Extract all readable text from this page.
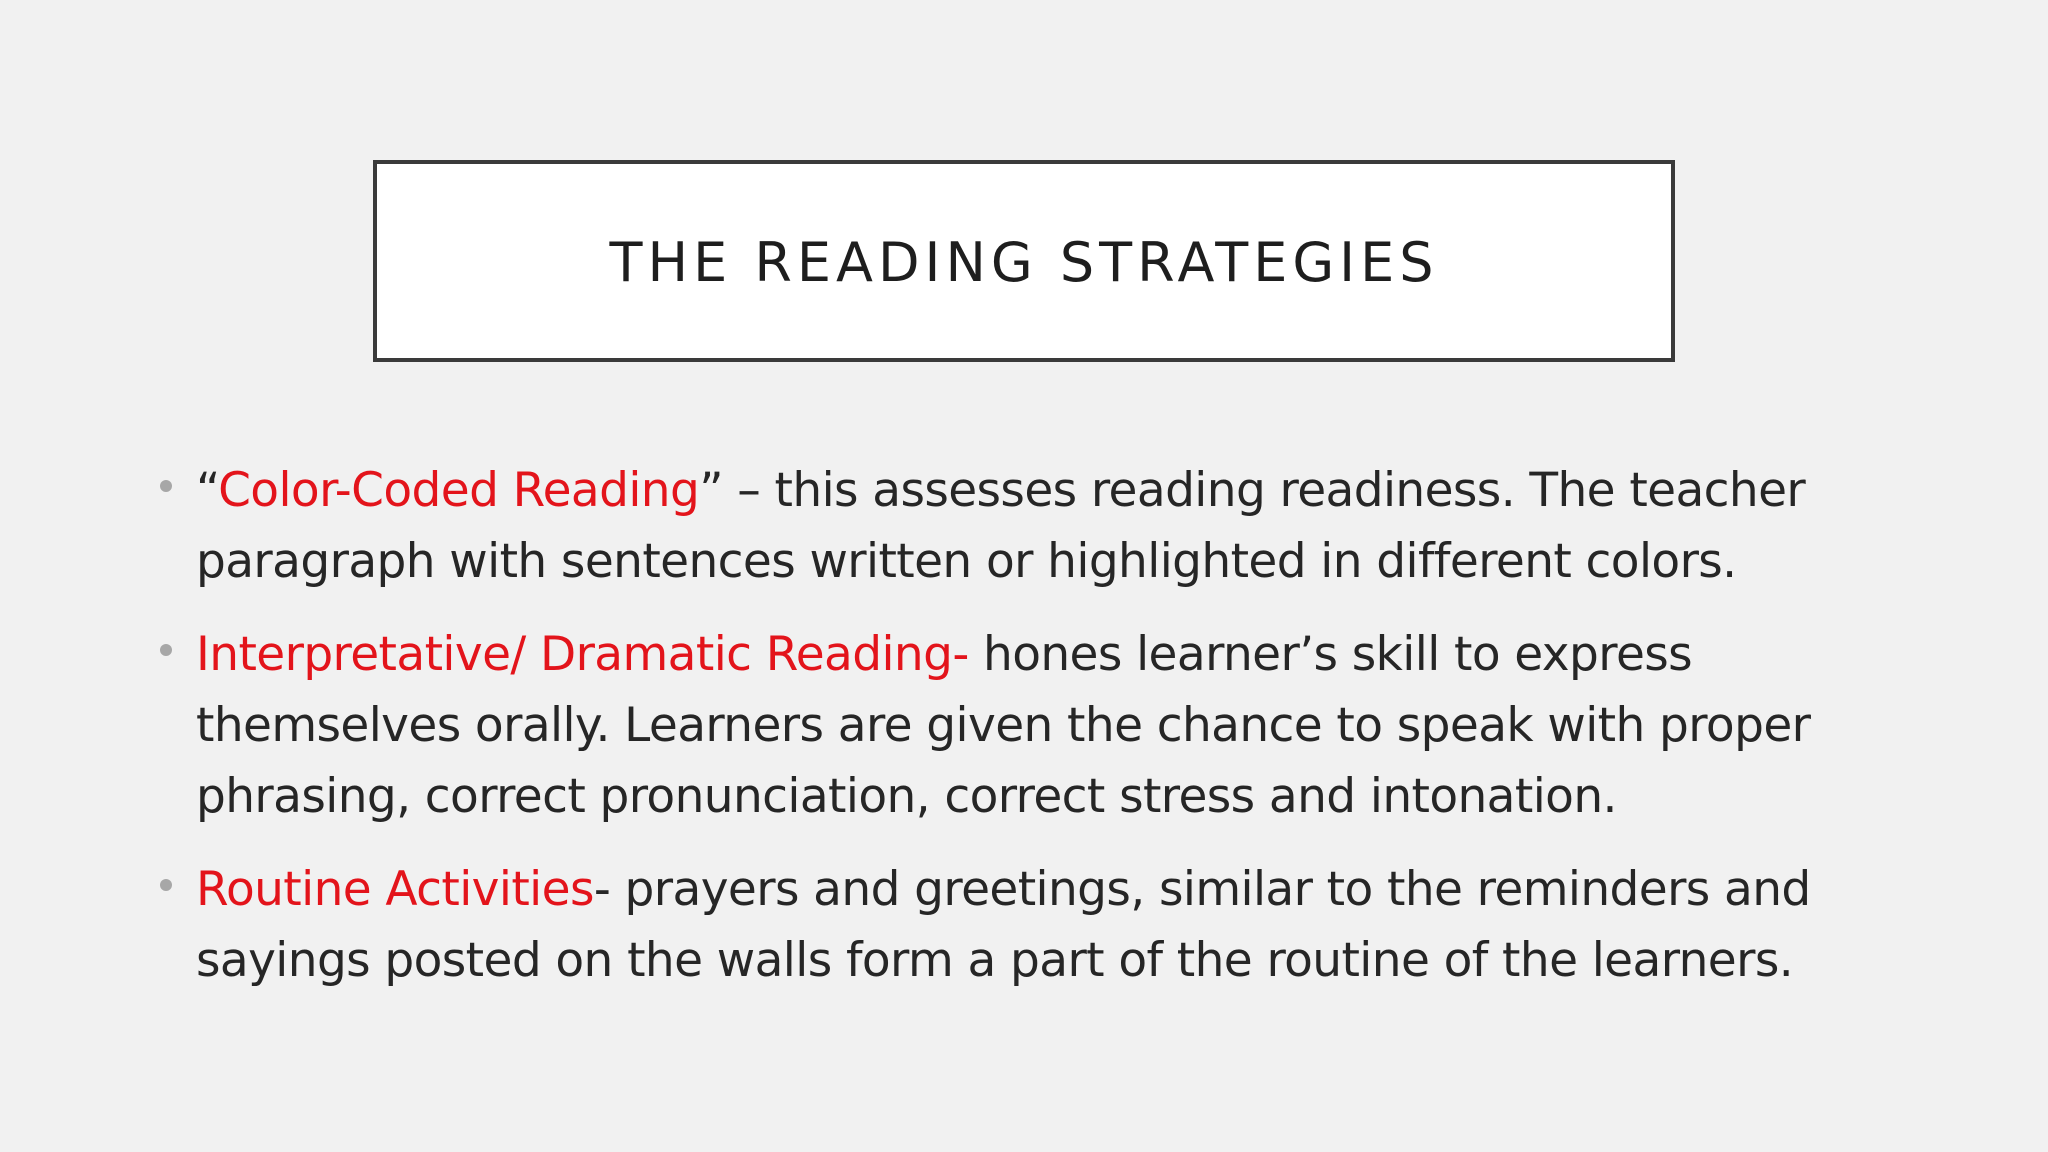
THE READING STRATEGIES
“Color-Coded Reading” – this assesses reading readiness. The teacher
paragraph with sentences written or highlighted in different colors.
Interpretative/ Dramatic Reading- hones learner’s skill to express
themselves orally. Learners are given the chance to speak with proper
phrasing, correct pronunciation, correct stress and intonation.
Routine Activities- prayers and greetings, similar to the reminders and
sayings posted on the walls form a part of the routine of the learners.
